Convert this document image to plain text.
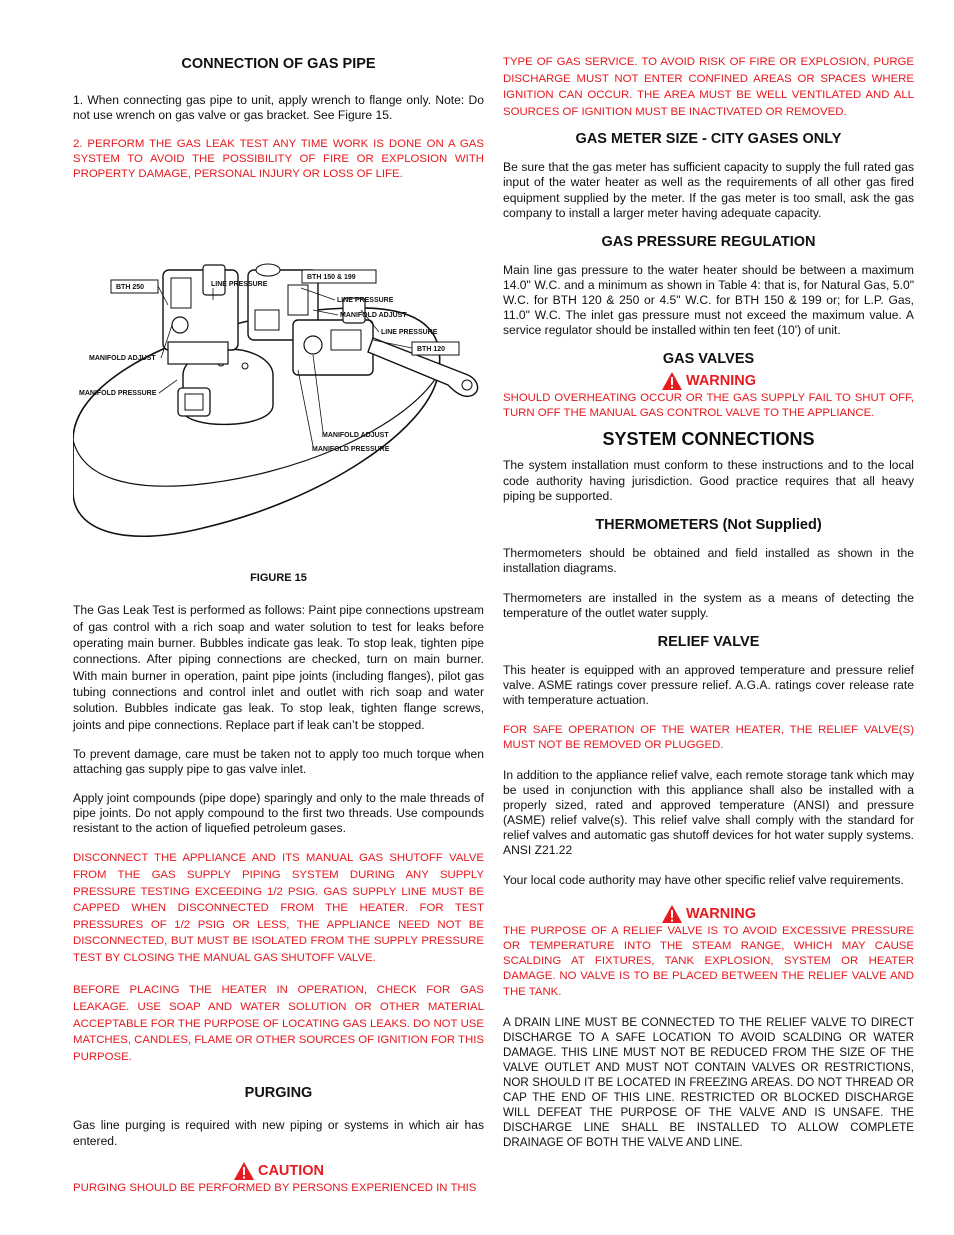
CONNECTION OF GAS PIPE

1. When connecting gas pipe to unit, apply wrench to flange only. Note: Do not use wrench on gas valve or gas bracket. See Figure 15.

2. PERFORM THE GAS LEAK TEST ANY TIME WORK IS DONE ON A GAS SYSTEM TO AVOID THE POSSIBILITY OF FIRE OR EXPLOSION WITH PROPERTY DAMAGE, PERSONAL INJURY OR LOSS OF LIFE.

BTH 250
BTH 150 & 199
BTH 120
LINE PRESSURE
LINE PRESSURE
LINE PRESSURE
MANIFOLD ADJUST
MANIFOLD ADJUST
MANIFOLD ADJUST
MANIFOLD PRESSURE
MANIFOLD PRESSURE
FIGURE 15

The Gas Leak Test is performed as follows: Paint pipe connections upstream of gas control with a rich soap and water solution to test for leaks before operating main burner. Bubbles indicate gas leak. To stop leak, tighten pipe connections. After piping connections are checked, turn on main burner. With main burner in operation, paint pipe joints (including flanges), pilot gas tubing connections and control inlet and outlet with rich soap and water solution. Bubbles indicate gas leak. To stop leak, tighten flange screws, joints and pipe connections. Replace part if leak can’t be stopped.

To prevent damage, care must be taken not to apply too much torque when attaching gas supply pipe to gas valve inlet.

Apply joint compounds (pipe dope) sparingly and only to the male threads of pipe joints. Do not apply compound to the first two threads. Use compounds resistant to the action of liquefied petroleum gases.

DISCONNECT THE APPLIANCE AND ITS MANUAL GAS SHUTOFF VALVE FROM THE GAS SUPPLY PIPING SYSTEM DURING ANY SUPPLY PRESSURE TESTING EXCEEDING 1/2 PSIG. GAS SUPPLY LINE MUST BE CAPPED WHEN DISCONNECTED FROM THE HEATER. FOR TEST PRESSURES OF 1/2 PSIG OR LESS, THE APPLIANCE NEED NOT BE DISCONNECTED, BUT MUST BE ISOLATED FROM THE SUPPLY PRESSURE TEST BY CLOSING THE MANUAL GAS SHUTOFF VALVE.

BEFORE PLACING THE HEATER IN OPERATION, CHECK FOR GAS LEAKAGE. USE SOAP AND WATER SOLUTION OR OTHER MATERIAL ACCEPTABLE FOR THE PURPOSE OF LOCATING GAS LEAKS. DO NOT USE MATCHES, CANDLES, FLAME OR OTHER SOURCES OF IGNITION FOR THIS PURPOSE.

PURGING

Gas line purging is required with new piping or systems in which air has entered.

CAUTION

PURGING SHOULD BE PERFORMED BY PERSONS EXPERIENCED IN THIS

TYPE OF GAS SERVICE. TO AVOID RISK OF FIRE OR EXPLOSION, PURGE DISCHARGE MUST NOT ENTER CONFINED AREAS OR SPACES WHERE IGNITION CAN OCCUR. THE AREA MUST BE WELL VENTILATED AND ALL SOURCES OF IGNITION MUST BE INACTIVATED OR REMOVED.

GAS METER SIZE - CITY GASES ONLY

Be sure that the gas meter has sufficient capacity to supply the full rated gas input of the water heater as well as the requirements of all other gas fired equipment supplied by the meter. If the gas meter is too small, ask the gas company to install a larger meter having adequate capacity.

GAS PRESSURE REGULATION

Main line gas pressure to the water heater should be between a maximum 14.0" W.C. and a minimum as shown in Table 4: that is, for Natural Gas, 5.0" W.C. for BTH 120 & 250 or 4.5" W.C. for BTH 150 & 199 or; for L.P. Gas, 11.0" W.C. The inlet gas pressure must not exceed the maximum value. A service regulator should be installed within ten feet (10') of unit.

GAS VALVES
WARNING

SHOULD OVERHEATING OCCUR OR THE GAS SUPPLY FAIL TO SHUT OFF, TURN OFF THE MANUAL GAS CONTROL VALVE TO THE APPLIANCE.

SYSTEM CONNECTIONS

The system installation must conform to these instructions and to the local code authority having jurisdiction. Good practice requires that all heavy piping be supported.

THERMOMETERS (Not Supplied)

Thermometers should be obtained and field installed as shown in the installation diagrams.

Thermometers are installed in the system as a means of detecting the temperature of the outlet water supply.

RELIEF VALVE

This heater is equipped with an approved temperature and pressure relief valve. ASME ratings cover pressure relief. A.G.A. ratings cover release rate with temperature actuation.

FOR SAFE OPERATION OF THE WATER HEATER, THE RELIEF VALVE(S) MUST NOT BE REMOVED OR PLUGGED.

In addition to the appliance relief valve, each remote storage tank which may be used in conjunction with this appliance shall also be installed with a properly sized, rated and approved temperature (ANSI) and pressure (ASME) relief valve(s). This relief valve shall comply with the standard for relief valves and automatic gas shutoff devices for hot water supply systems. ANSI Z21.22

Your local code authority may have other specific relief valve requirements.

WARNING

THE PURPOSE OF A RELIEF VALVE IS TO AVOID EXCESSIVE PRESSURE OR TEMPERATURE INTO THE STEAM RANGE, WHICH MAY CAUSE SCALDING AT FIXTURES, TANK EXPLOSION, SYSTEM OR HEATER DAMAGE. NO VALVE IS TO BE PLACED BETWEEN THE RELIEF VALVE AND THE TANK.

A DRAIN LINE MUST BE CONNECTED TO THE RELIEF VALVE TO DIRECT DISCHARGE TO A SAFE LOCATION TO AVOID SCALDING OR WATER DAMAGE. THIS LINE MUST NOT BE REDUCED FROM THE SIZE OF THE VALVE OUTLET AND MUST NOT CONTAIN VALVES OR RESTRICTIONS, NOR SHOULD IT BE LOCATED IN FREEZING AREAS. DO NOT THREAD OR CAP THE END OF THIS LINE. RESTRICTED OR BLOCKED DISCHARGE WILL DEFEAT THE PURPOSE OF THE VALVE AND IS UNSAFE. THE DISCHARGE LINE SHALL BE INSTALLED TO ALLOW COMPLETE DRAINAGE OF BOTH THE VALVE AND LINE.
